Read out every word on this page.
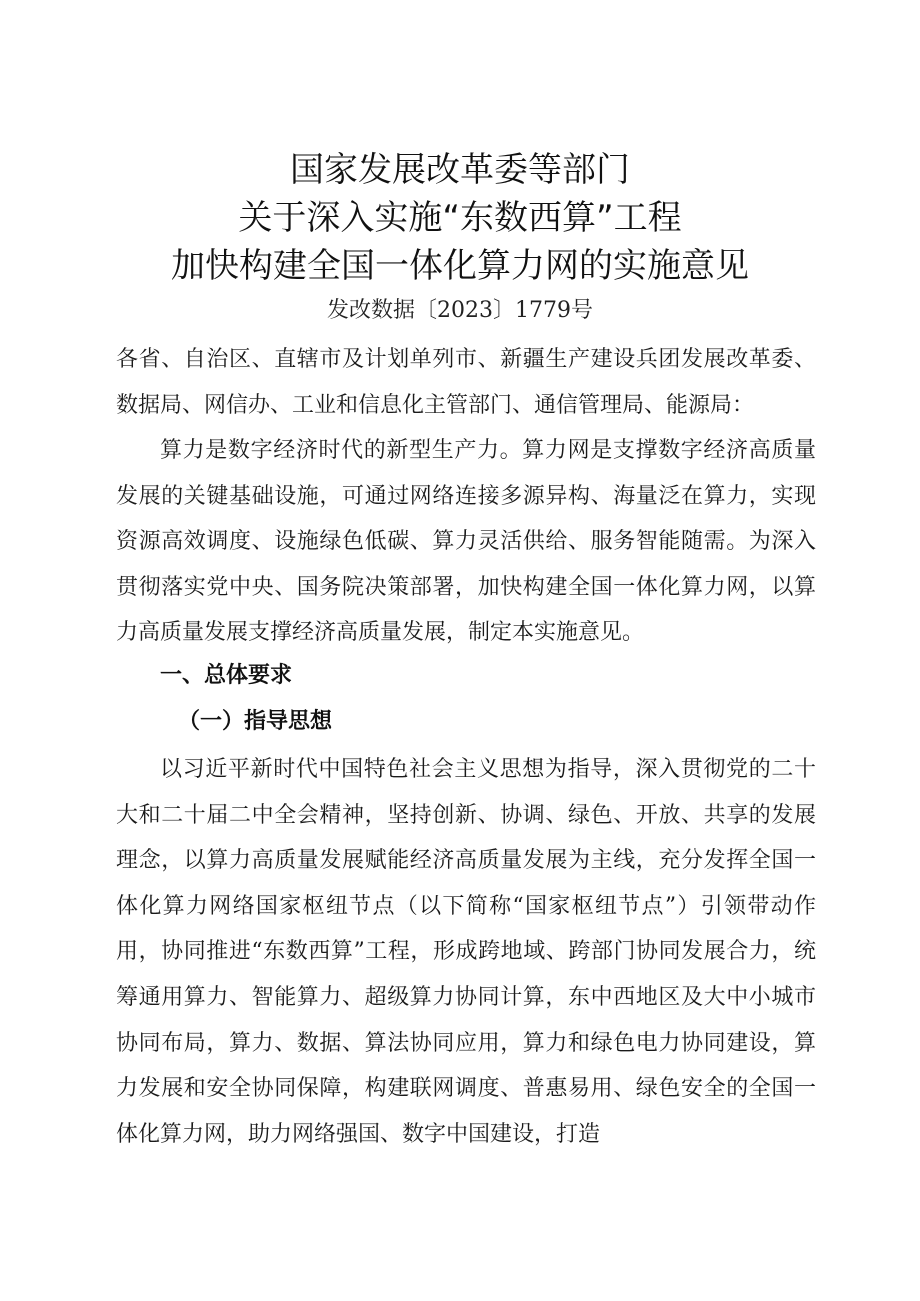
国家发展改革委等部门
关于深入实施“东数西算”工程
加快构建全国一体化算力网的实施意见
发改数据〔2023〕1779号

各省、自治区、直辖市及计划单列市、新疆生产建设兵团发展改革委、数据局、网信办、工业和信息化主管部门、通信管理局、能源局：

算力是数字经济时代的新型生产力。算力网是支撑数字经济高质量发展的关键基础设施，可通过网络连接多源异构、海量泛在算力，实现资源高效调度、设施绿色低碳、算力灵活供给、服务智能随需。为深入贯彻落实党中央、国务院决策部署，加快构建全国一体化算力网，以算力高质量发展支撑经济高质量发展，制定本实施意见。

一、总体要求
（一）指导思想

以习近平新时代中国特色社会主义思想为指导，深入贯彻党的二十大和二十届二中全会精神，坚持创新、协调、绿色、开放、共享的发展理念，以算力高质量发展赋能经济高质量发展为主线，充分发挥全国一体化算力网络国家枢纽节点（以下简称“国家枢纽节点”）引领带动作用，协同推进“东数西算”工程，形成跨地域、跨部门协同发展合力，统筹通用算力、智能算力、超级算力协同计算，东中西地区及大中小城市协同布局，算力、数据、算法协同应用，算力和绿色电力协同建设，算力发展和安全协同保障，构建联网调度、普惠易用、绿色安全的全国一体化算力网，助力网络强国、数字中国建设，打造
